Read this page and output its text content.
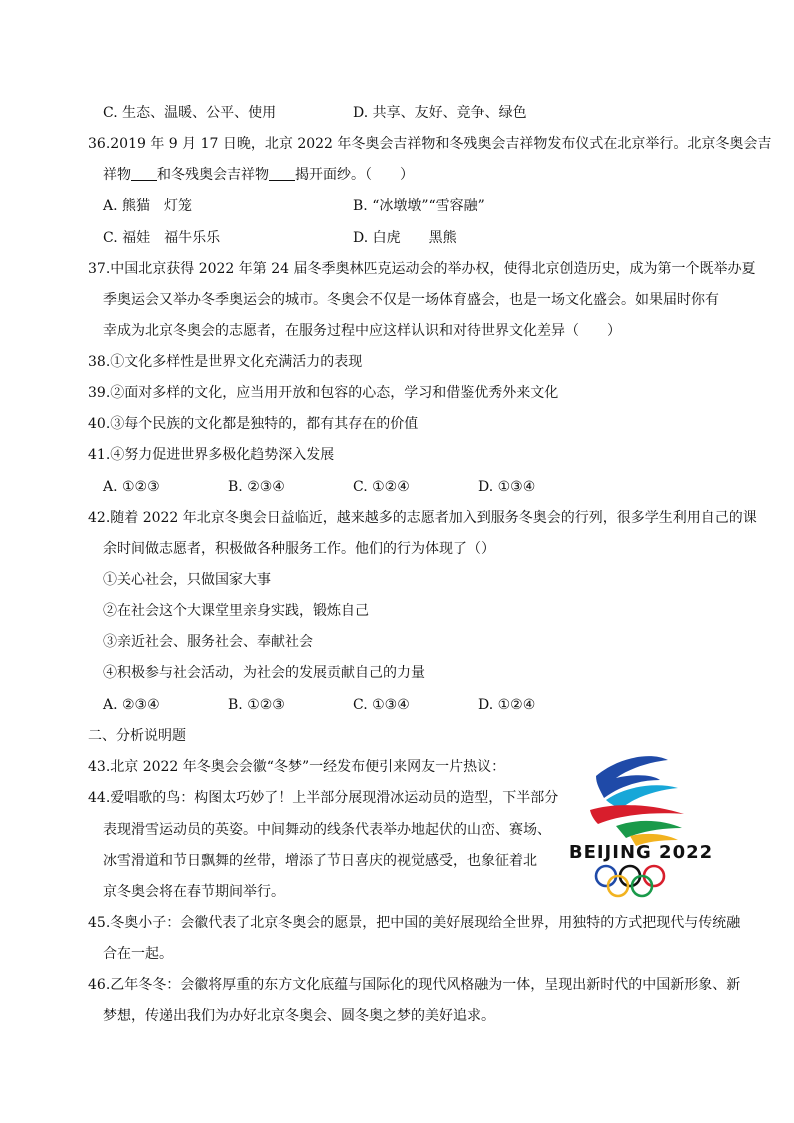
C. 生态、温暖、公平、使用	D. 共享、友好、竞争、绿色
36.2019 年 9 月 17 日晚，北京 2022 年冬奥会吉祥物和冬残奥会吉祥物发布仪式在北京举行。北京冬奥会吉
祥物 和冬残奥会吉祥物 揭开面纱。（　　）
A. 熊猫　灯笼	B. “冰墩墩”“雪容融”
C. 福娃　福牛乐乐	D. 白虎　　黑熊
37.中国北京获得 2022 年第 24 届冬季奥林匹克运动会的举办权，使得北京创造历史，成为第一个既举办夏
季奥运会又举办冬季奥运会的城市。冬奥会不仅是一场体育盛会，也是一场文化盛会。如果届时你有
幸成为北京冬奥会的志愿者，在服务过程中应这样认识和对待世界文化差异（　　）
38.①文化多样性是世界文化充满活力的表现
39.②面对多样的文化，应当用开放和包容的心态，学习和借鉴优秀外来文化
40.③每个民族的文化都是独特的，都有其存在的价值
41.④努力促进世界多极化趋势深入发展
A. ①②③	B. ②③④	C. ①②④	D. ①③④
42.随着 2022 年北京冬奥会日益临近，越来越多的志愿者加入到服务冬奥会的行列，很多学生利用自己的课
余时间做志愿者，积极做各种服务工作。他们的行为体现了（）
①关心社会，只做国家大事
②在社会这个大课堂里亲身实践，锻炼自己
③亲近社会、服务社会、奉献社会
④积极参与社会活动，为社会的发展贡献自己的力量
A. ②③④	B. ①②③	C. ①③④	D. ①②④
二、分析说明题
43.北京 2022 年冬奥会会徽“冬梦”一经发布便引来网友一片热议：
44.爱唱歌的鸟：构图太巧妙了！上半部分展现滑冰运动员的造型，下半部分
表现滑雪运动员的英姿。中间舞动的线条代表举办地起伏的山峦、赛场、
冰雪滑道和节日飘舞的丝带，增添了节日喜庆的视觉感受，也象征着北
京冬奥会将在春节期间举行。
45.冬奥小子：会徽代表了北京冬奥会的愿景，把中国的美好展现给全世界，用独特的方式把现代与传统融
合在一起。
46.乙年冬冬：会徽将厚重的东方文化底蕴与国际化的现代风格融为一体，呈现出新时代的中国新形象、新
梦想，传递出我们为办好北京冬奥会、圆冬奥之梦的美好追求。
BEIJING 2022
